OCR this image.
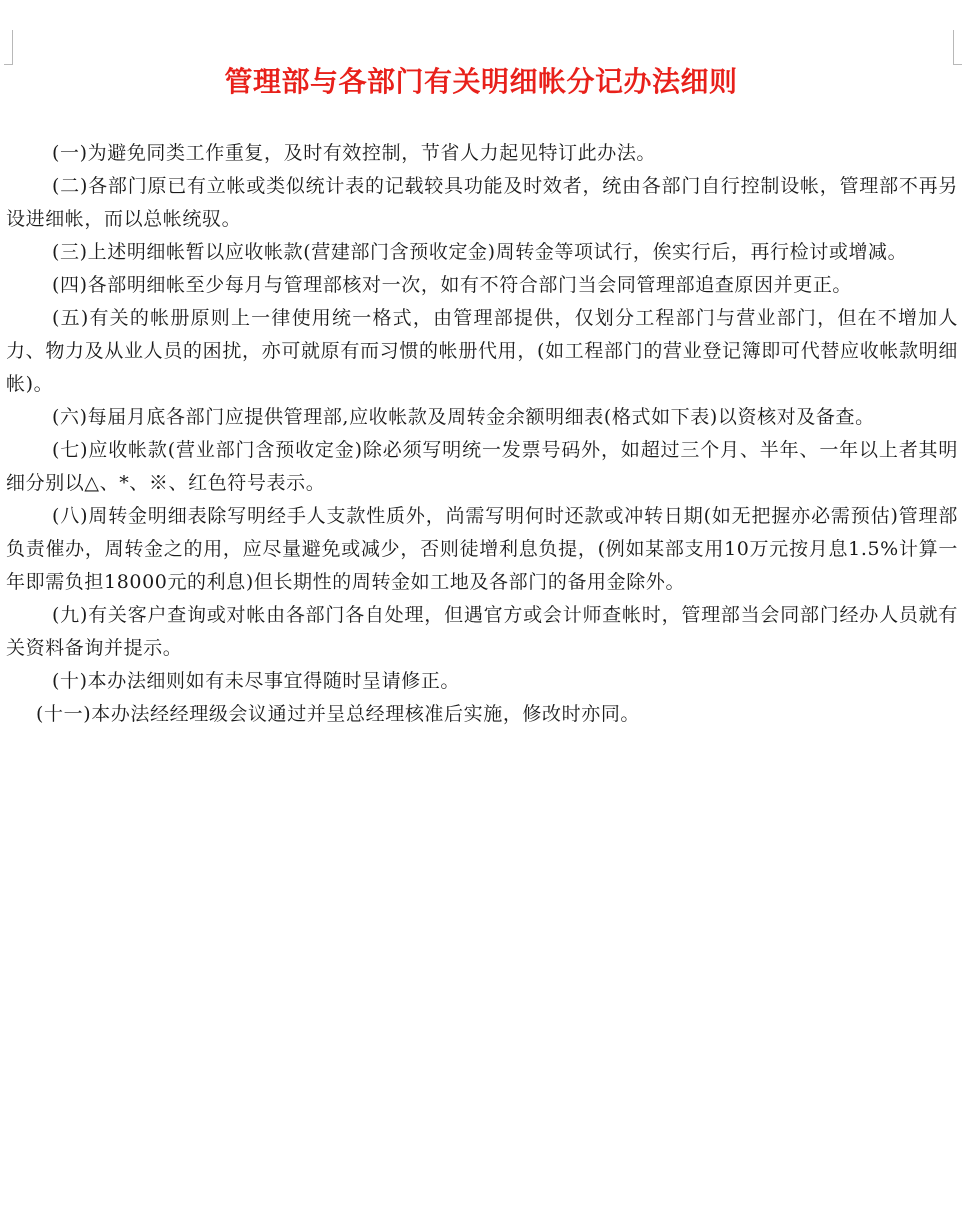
管理部与各部门有关明细帐分记办法细则

(一)为避免同类工作重复，及时有效控制，节省人力起见特订此办法。

(二)各部门原已有立帐或类似统计表的记载较具功能及时效者，统由各部门自行控制设帐，管理部不再另设进细帐，而以总帐统驭。

(三)上述明细帐暂以应收帐款(营建部门含预收定金)周转金等项试行，俟实行后，再行检讨或增减。

(四)各部明细帐至少每月与管理部核对一次，如有不符合部门当会同管理部追查原因并更正。

(五)有关的帐册原则上一律使用统一格式，由管理部提供，仅划分工程部门与营业部门，但在不增加人力、物力及从业人员的困扰，亦可就原有而习惯的帐册代用，(如工程部门的营业登记簿即可代替应收帐款明细帐)。

(六)每届月底各部门应提供管理部,应收帐款及周转金余额明细表(格式如下表)以资核对及备查。

(七)应收帐款(营业部门含预收定金)除必须写明统一发票号码外，如超过三个月、半年、一年以上者其明细分别以△、*、※、红色符号表示。

(八)周转金明细表除写明经手人支款性质外，尚需写明何时还款或冲转日期(如无把握亦必需预估)管理部负责催办，周转金之的用，应尽量避免或减少，否则徒增利息负提，(例如某部支用10万元按月息1.5%计算一年即需负担18000元的利息)但长期性的周转金如工地及各部门的备用金除外。

(九)有关客户查询或对帐由各部门各自处理，但遇官方或会计师查帐时，管理部当会同部门经办人员就有关资料备询并提示。

(十)本办法细则如有未尽事宜得随时呈请修正。

(十一)本办法经经理级会议通过并呈总经理核准后实施，修改时亦同。
